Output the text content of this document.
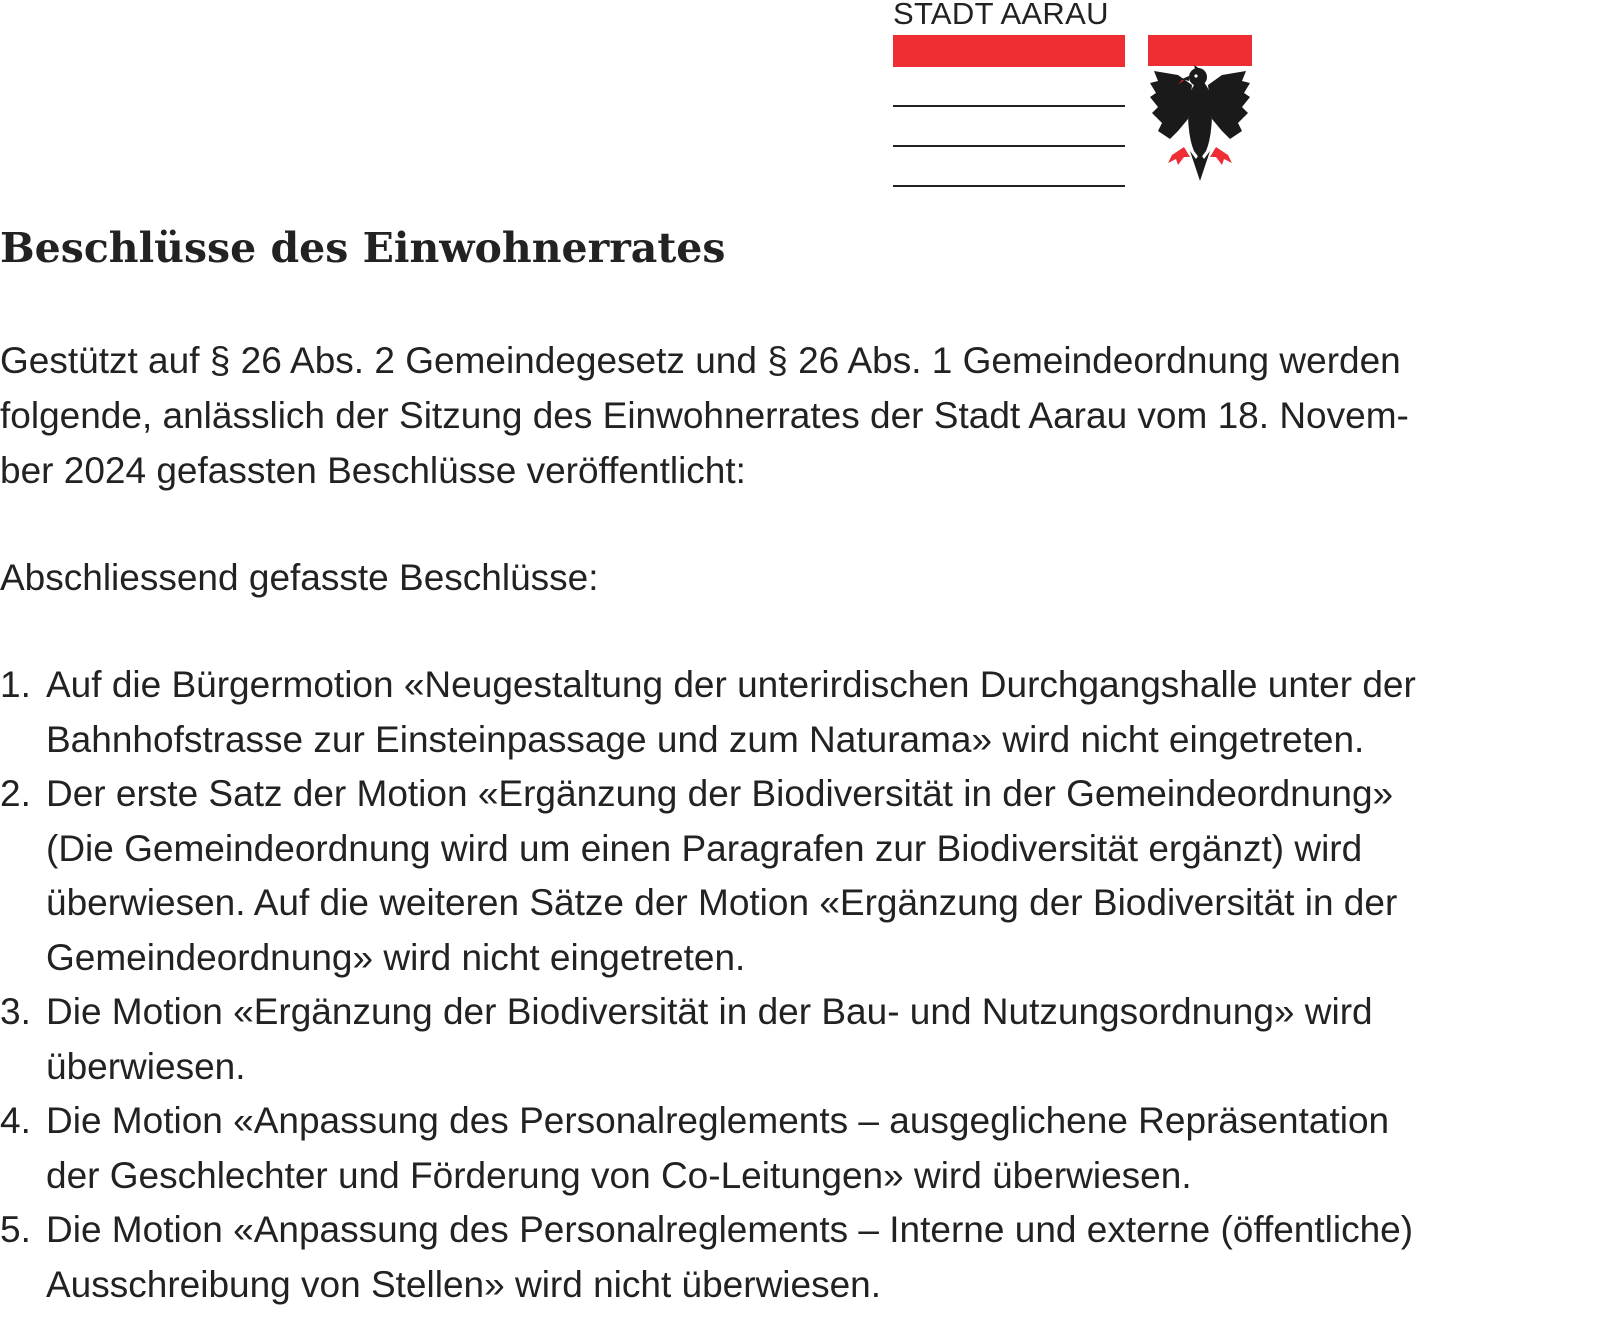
STADT AARAU
Beschlüsse des Einwohnerrates

Gestützt auf § 26 Abs. 2 Gemeindegesetz und § 26 Abs. 1 Gemeindeordnung werden
folgende, anlässlich der Sitzung des Einwohnerrates der Stadt Aarau vom 18. Novem-
ber 2024 gefassten Beschlüsse veröffentlicht:

Abschliessend gefasste Beschlüsse:

1. Auf die Bürgermotion «Neugestaltung der unterirdischen Durchgangshalle unter der
Bahnhofstrasse zur Einsteinpassage und zum Naturama» wird nicht eingetreten.
2. Der erste Satz der Motion «Ergänzung der Biodiversität in der Gemeindeordnung»
(Die Gemeindeordnung wird um einen Paragrafen zur Biodiversität ergänzt) wird
überwiesen. Auf die weiteren Sätze der Motion «Ergänzung der Biodiversität in der
Gemeindeordnung» wird nicht eingetreten.
3. Die Motion «Ergänzung der Biodiversität in der Bau- und Nutzungsordnung» wird
überwiesen.
4. Die Motion «Anpassung des Personalreglements – ausgeglichene Repräsentation
der Geschlechter und Förderung von Co-Leitungen» wird überwiesen.
5. Die Motion «Anpassung des Personalreglements – Interne und externe (öffentliche)
Ausschreibung von Stellen» wird nicht überwiesen.
